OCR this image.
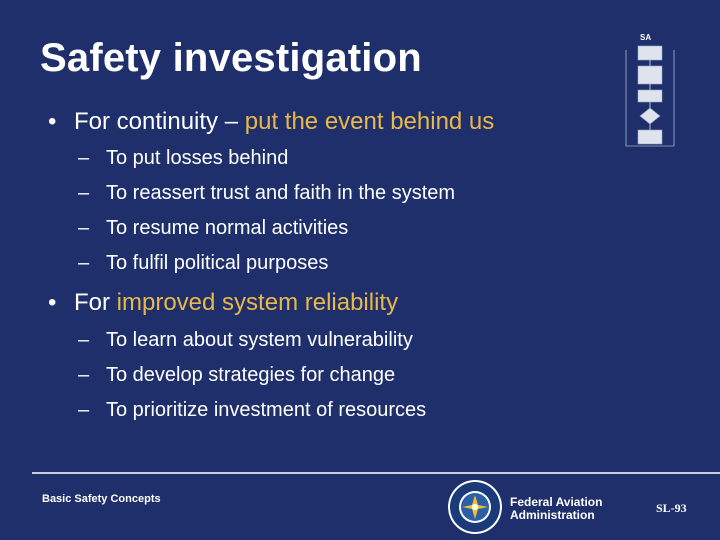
Safety investigation	SA
• For continuity – put the event behind us
– To put losses behind
– To reassert trust and faith in the system
– To resume normal activities
– To fulfil political purposes
• For improved system reliability
– To learn about system vulnerability
– To develop strategies for change
– To prioritize investment of resources
Basic Safety Concepts	Federal Aviation
Administration	SL-93
